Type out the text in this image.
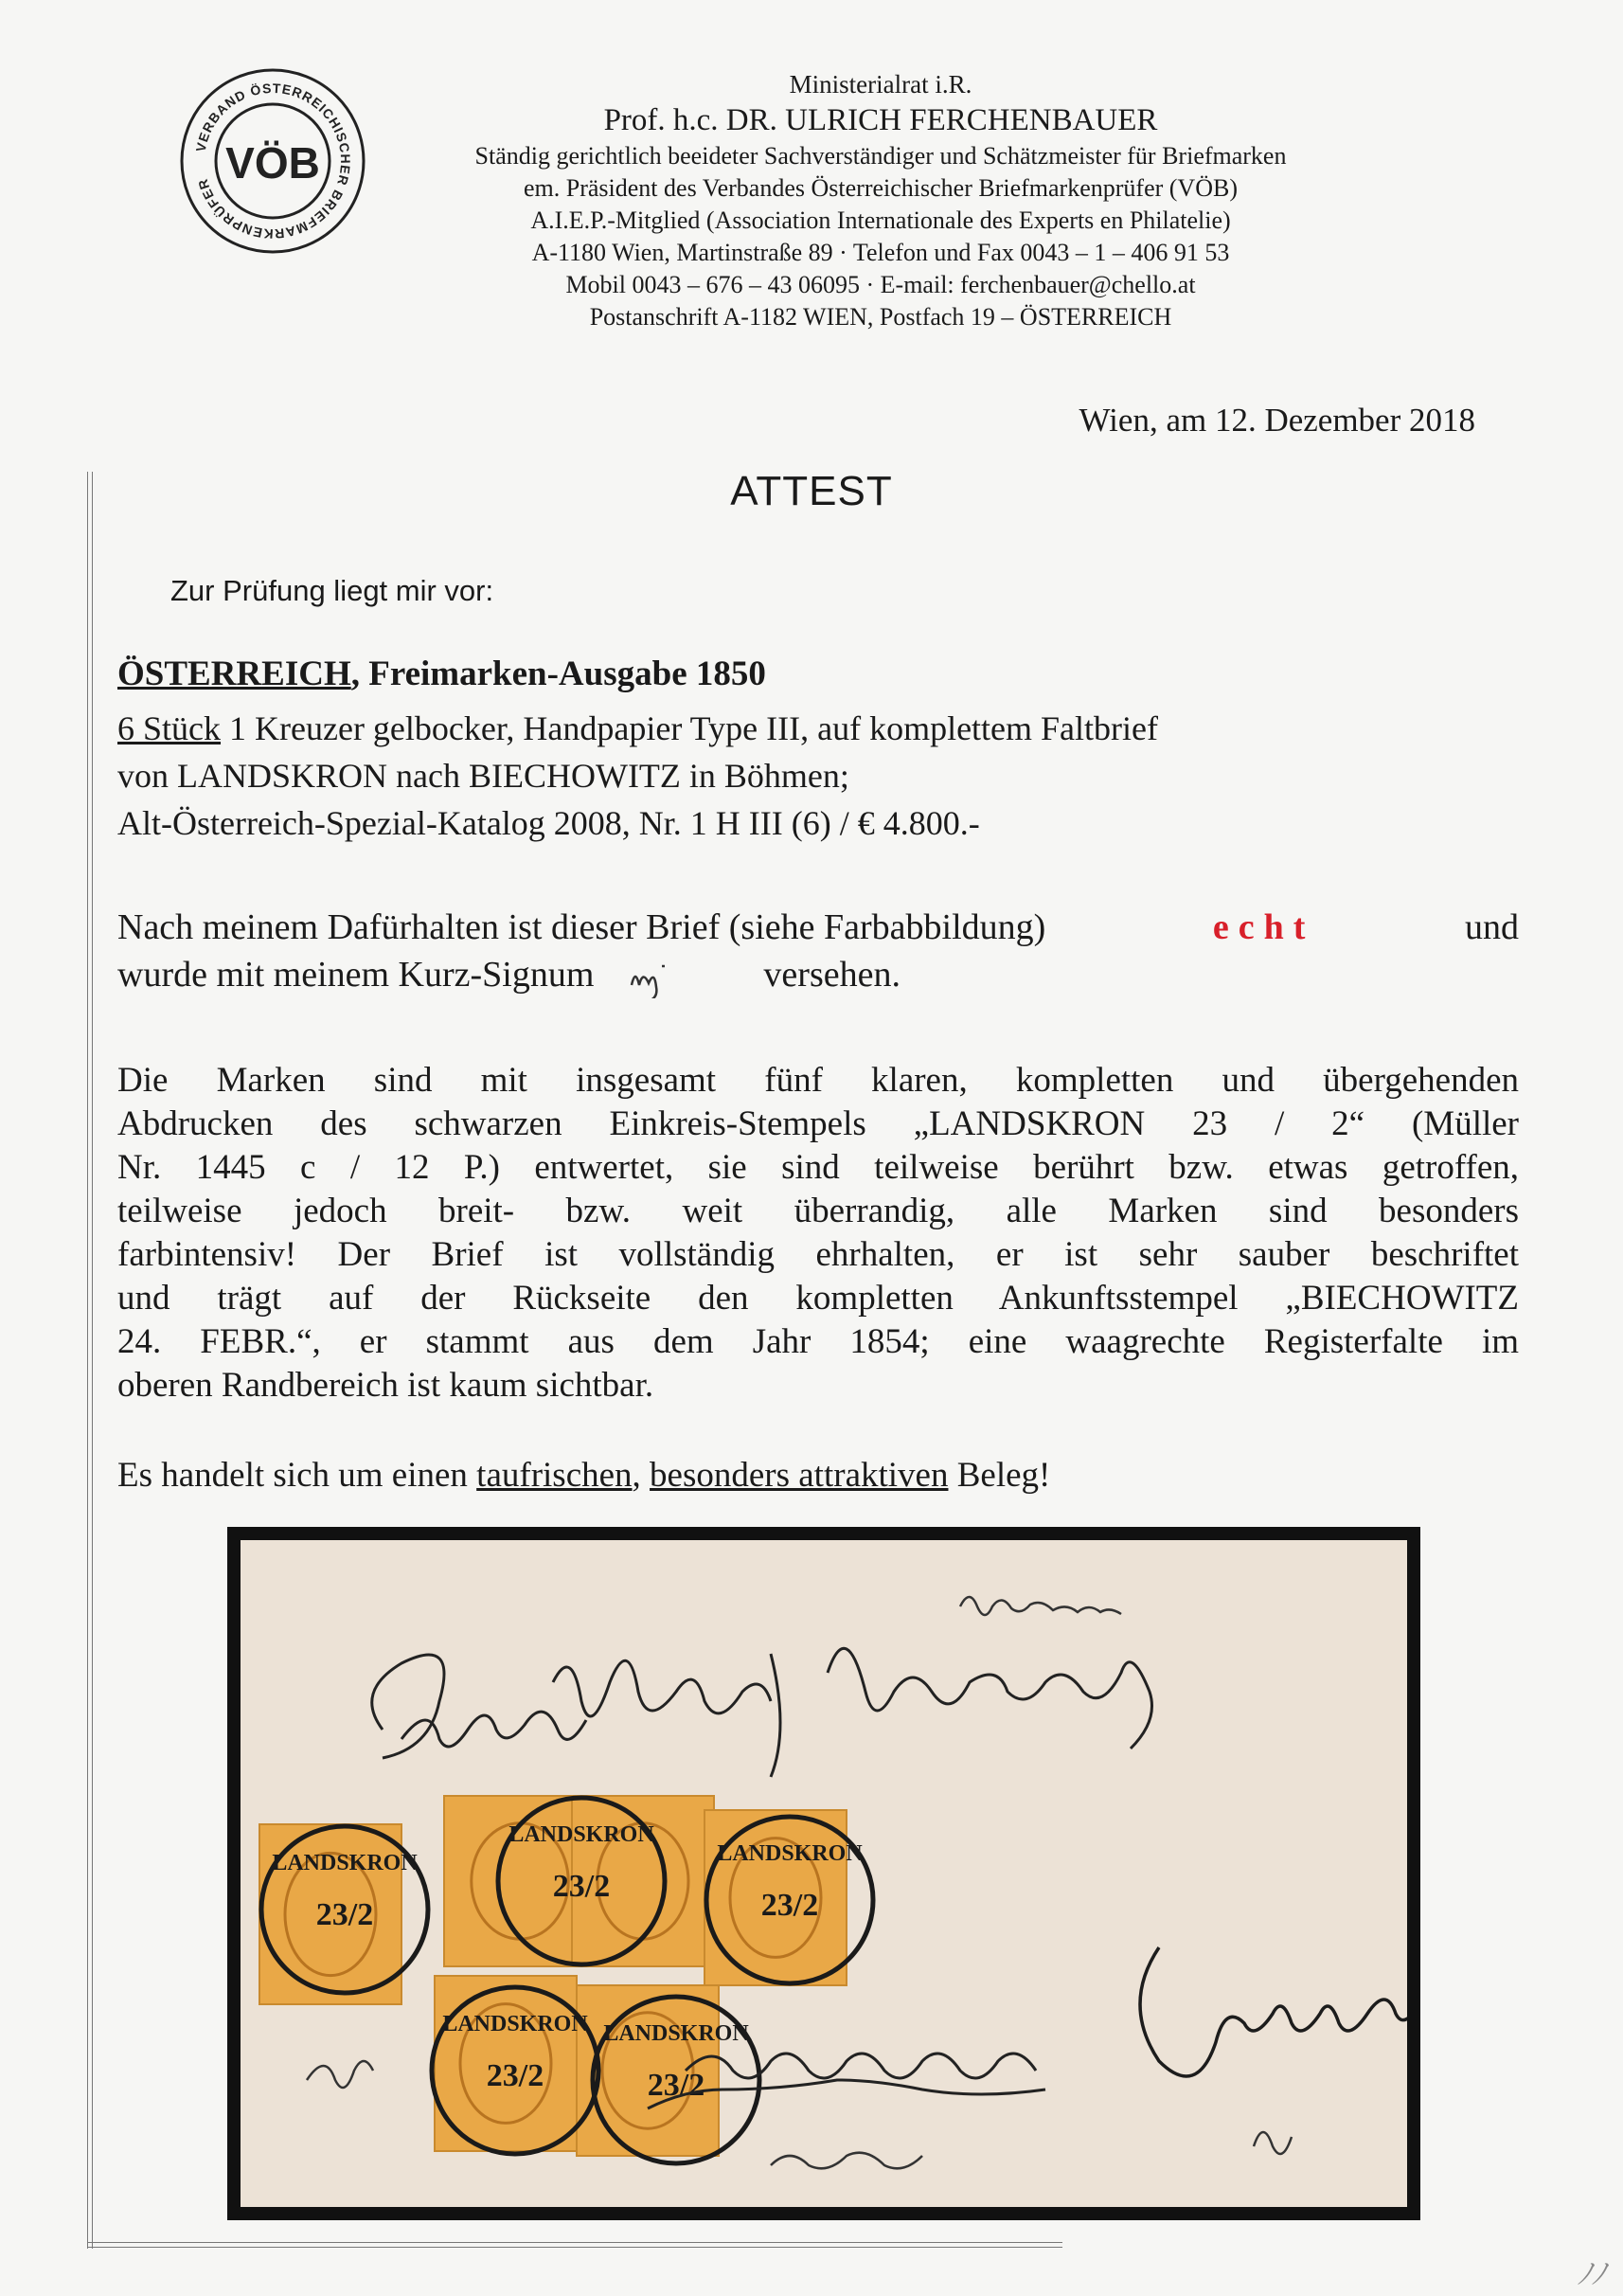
VERBAND ÖSTERREICHISCHER BRIEFMARKENPRÜFER VÖB
Ministerialrat i.R.
Prof. h.c. DR. ULRICH FERCHENBAUER
Ständig gerichtlich beeideter Sachverständiger und Schätzmeister für Briefmarken
em. Präsident des Verbandes Österreichischer Briefmarkenprüfer (VÖB)
A.I.E.P.-Mitglied (Association Internationale des Experts en Philatelie)
A-1180 Wien, Martinstraße 89 · Telefon und Fax 0043 – 1 – 406 91 53
Mobil 0043 – 676 – 43 06095 · E-mail: ferchenbauer@chello.at
Postanschrift A-1182 WIEN, Postfach 19 – ÖSTERREICH
Wien, am 12. Dezember 2018
ATTEST
Zur Prüfung liegt mir vor:
ÖSTERREICH, Freimarken-Ausgabe 1850
6 Stück 1 Kreuzer gelbocker, Handpapier Type III, auf komplettem Faltbrief
von LANDSKRON nach BIECHOWITZ in Böhmen;
Alt-Österreich-Spezial-Katalog 2008, Nr. 1 H III (6) / € 4.800.-
Nach meinem Dafürhalten ist dieser Brief (siehe Farbabbildung)	echt	und
wurde mit meinem Kurz-Signum	versehen.

Die Marken sind mit insgesamt fünf klaren, kompletten und übergehenden

Abdrucken des schwarzen Einkreis-Stempels „LANDSKRON 23 / 2“ (Müller

Nr. 1445 c / 12 P.) entwertet, sie sind teilweise berührt bzw. etwas getroffen,

teilweise jedoch breit- bzw. weit überrandig, alle Marken sind besonders

farbintensiv! Der Brief ist vollständig ehrhalten, er ist sehr sauber beschriftet

und trägt auf der Rückseite den kompletten Ankunftsstempel „BIECHOWITZ

24. FEBR.“, er stammt aus dem Jahr 1854; eine waagrechte Registerfalte im

oberen Randbereich ist kaum sichtbar.

Es handelt sich um einen taufrischen, besonders attraktiven Beleg!
LANDSKRON
23/2
LANDSKRON
23/2
LANDSKRON
23/2
LANDSKRON
23/2
LANDSKRON
23/2
ﾉﾉ
